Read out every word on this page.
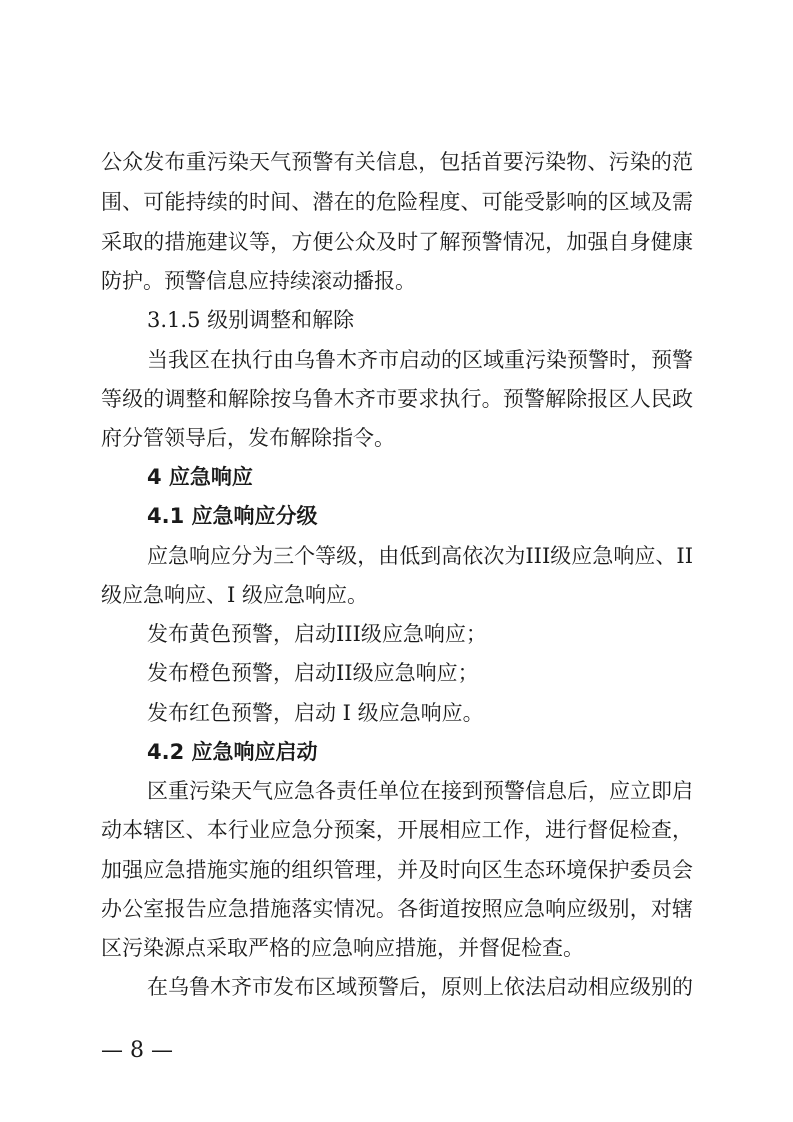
公众发布重污染天气预警有关信息，包括首要污染物、污染的范
围、可能持续的时间、潜在的危险程度、可能受影响的区域及需
采取的措施建议等，方便公众及时了解预警情况，加强自身健康
防护。预警信息应持续滚动播报。
3.1.5 级别调整和解除
当我区在执行由乌鲁木齐市启动的区域重污染预警时，预警
等级的调整和解除按乌鲁木齐市要求执行。预警解除报区人民政
府分管领导后，发布解除指令。
4 应急响应
4.1 应急响应分级
应急响应分为三个等级，由低到高依次为III级应急响应、II
级应急响应、I 级应急响应。
发布黄色预警，启动III级应急响应；
发布橙色预警，启动II级应急响应；
发布红色预警，启动 I 级应急响应。
4.2 应急响应启动
区重污染天气应急各责任单位在接到预警信息后，应立即启
动本辖区、本行业应急分预案，开展相应工作，进行督促检查，
加强应急措施实施的组织管理，并及时向区生态环境保护委员会
办公室报告应急措施落实情况。各街道按照应急响应级别，对辖
区污染源点采取严格的应急响应措施，并督促检查。
在乌鲁木齐市发布区域预警后，原则上依法启动相应级别的
— 8 —
